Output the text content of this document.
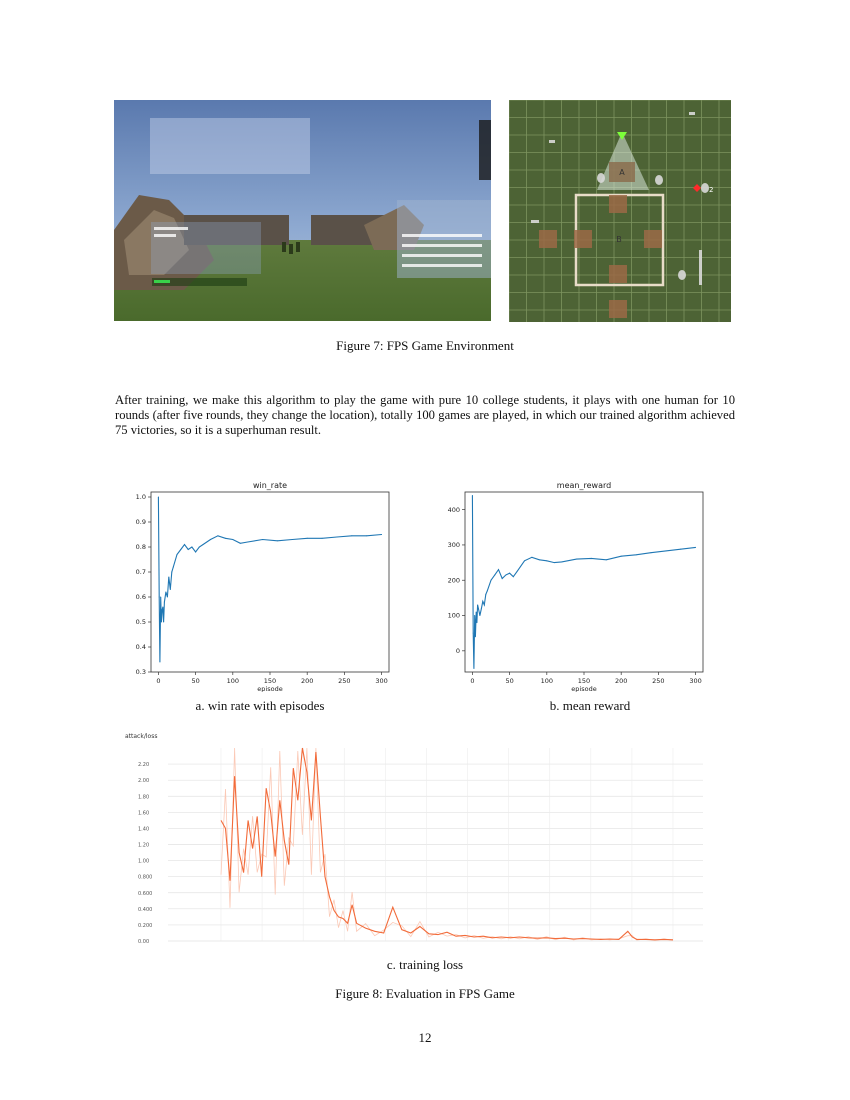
A
B
2
Figure 7: FPS Game Environment
After training, we make this algorithm to play the game with pure 10 college students, it plays with one human for 10 rounds (after five rounds, they change the location), totally 100 games are played, in which our trained algorithm achieved 75 victories, so it is a superhuman result.
win_rate
0	50	100	150	200	250	300
0.3
0.4
0.5
0.6
0.7
0.8
0.9
1.0
episode
a. win rate with episodes
mean_reward
0	50	100	150	200	250	300
0
100
200
300
400
episode
b. mean reward
attack/loss
0.00
0.200
0.400
0.600
0.800
1.00
1.20
1.40
1.60
1.80
2.00
2.20
c. training loss
Figure 8: Evaluation in FPS Game
12
